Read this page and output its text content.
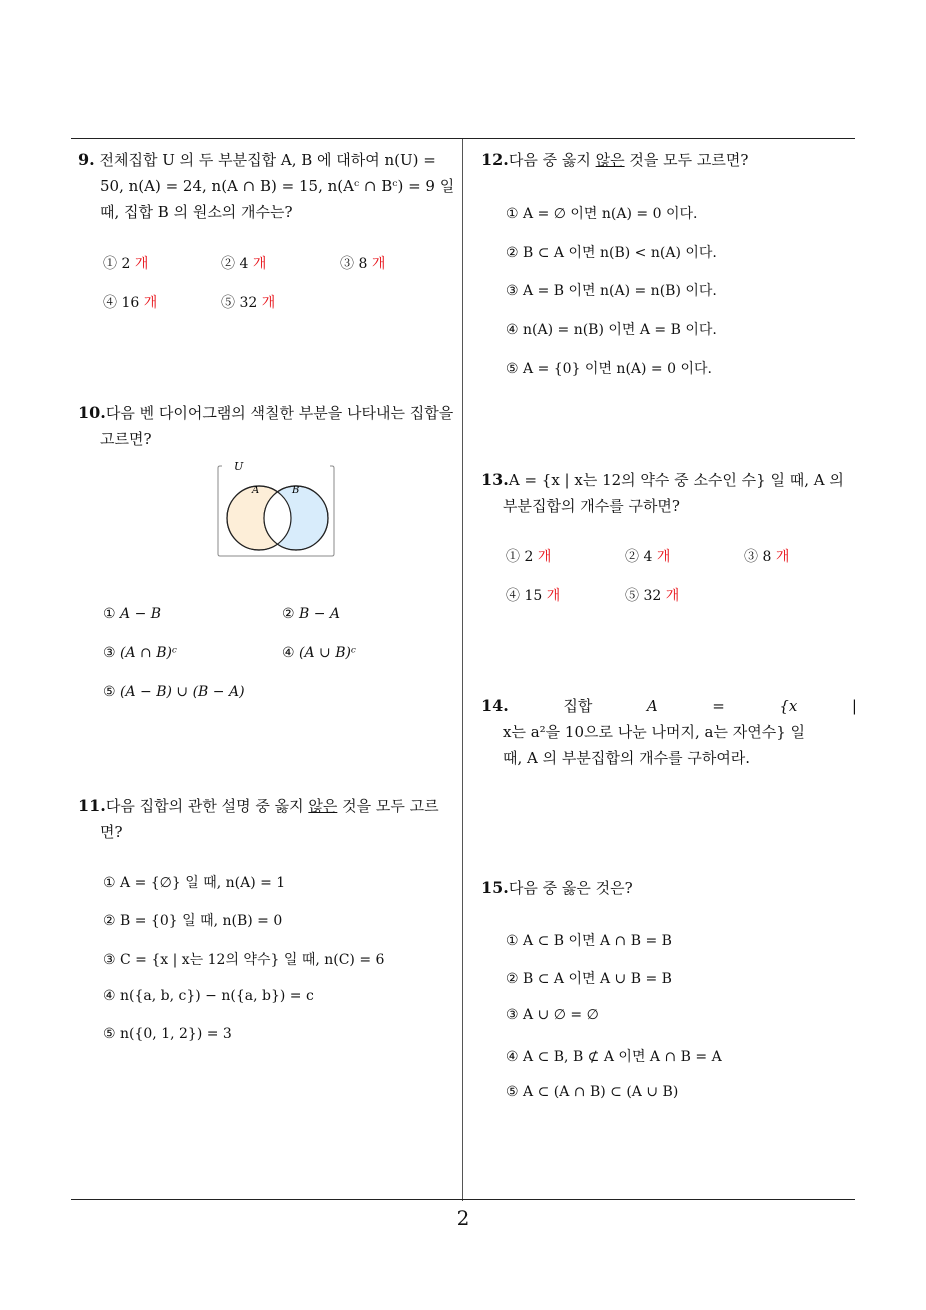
9. 전체집합 U 의 두 부분집합 A, B 에 대하여 n(U) =
50, n(A) = 24, n(A ∩ B) = 15, n(Aᶜ ∩ Bᶜ) = 9 일
때, 집합 B 의 원소의 개수는?
① 2 개	② 4 개	③ 8 개
④ 16 개	⑤ 32 개
10.다음 벤 다이어그램의 색칠한 부분을 나타내는 집합을
고르면?
U
A	B
① A − B	② B − A
③ (A ∩ B)ᶜ	④ (A ∪ B)ᶜ
⑤ (A − B) ∪ (B − A)
11.다음 집합의 관한 설명 중 옳지 않은 것을 모두 고르
면?
① A = {∅} 일 때, n(A) = 1
② B = {0} 일 때, n(B) = 0
③ C = {x | x는 12의 약수} 일 때, n(C) = 6
④ n({a, b, c}) − n({a, b}) = c
⑤ n({0, 1, 2}) = 3
12.다음 중 옳지 않은 것을 모두 고르면?
① A = ∅ 이면 n(A) = 0 이다.
② B ⊂ A 이면 n(B) < n(A) 이다.
③ A = B 이면 n(A) = n(B) 이다.
④ n(A) = n(B) 이면 A = B 이다.
⑤ A = {0} 이면 n(A) = 0 이다.
13.A = {x | x는 12의 약수 중 소수인 수} 일 때, A 의
부분집합의 개수를 구하면?
① 2 개	② 4 개	③ 8 개
④ 15 개	⑤ 32 개
14.	집합	A	=	{x	|
x는 a²을 10으로 나눈 나머지, a는 자연수} 일
때, A 의 부분집합의 개수를 구하여라.
15.다음 중 옳은 것은?
① A ⊂ B 이면 A ∩ B = B
② B ⊂ A 이면 A ∪ B = B
③ A ∪ ∅ = ∅
④ A ⊂ B, B ⊄ A 이면 A ∩ B = A
⑤ A ⊂ (A ∩ B) ⊂ (A ∪ B)
2
